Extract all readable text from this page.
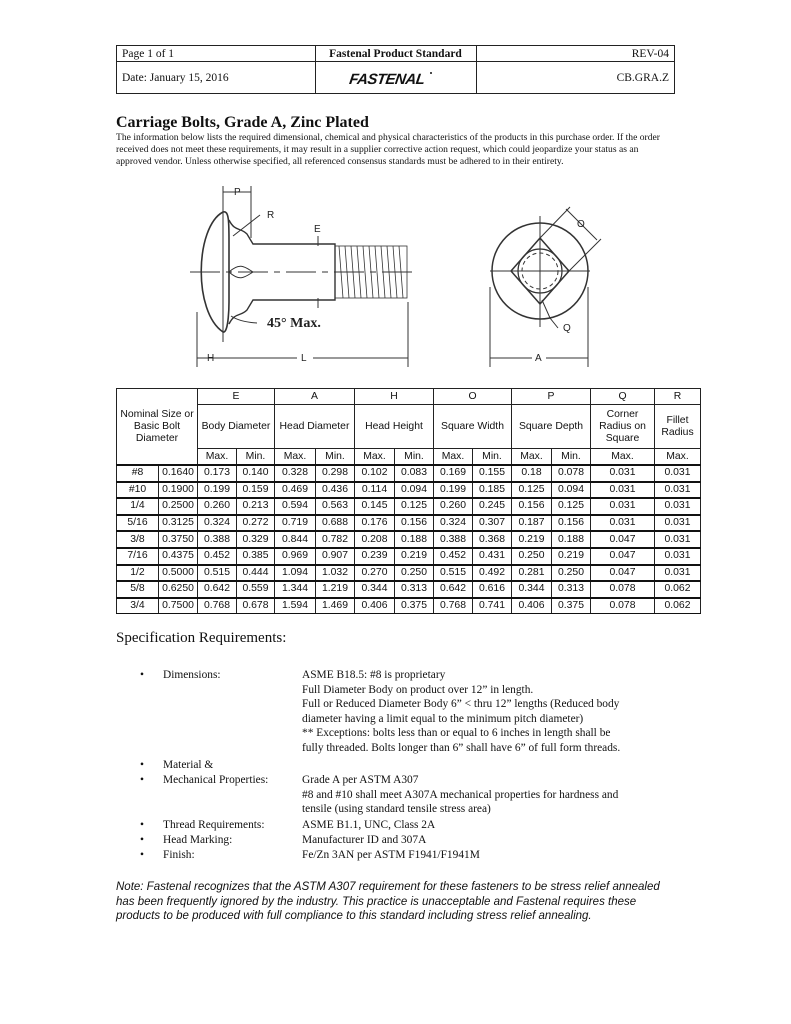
Page 1 of 1	Fastenal Product Standard	REV-04
Date: January 15, 2016	FASTENAL	CB.GRA.Z
Carriage Bolts, Grade A, Zinc Plated
The information below lists the required dimensional, chemical and physical characteristics of the products in this purchase order. If the order received does not meet these requirements, it may result in a supplier corrective action request, which could jeopardize your status as an approved vendor. Unless otherwise specified, all referenced consensus standards must be adhered to in their entirety.
P
R
E
45° Max.
H	L
O
Q
A
Nominal Size or Basic Bolt Diameter		E		A		H		O		P		Q	R
		Body Diameter		Head Diameter		Head Height		Square Width		Square Depth		Corner Radius on Square	Fillet Radius
		Max.	Min.	Max.	Min.	Max.	Min.	Max.	Min.	Max.	Min.	Max.	Max.
#8	0.1640	0.173	0.140	0.328	0.298	0.102	0.083	0.169	0.155	0.18	0.078	0.031	0.031
#10	0.1900	0.199	0.159	0.469	0.436	0.114	0.094	0.199	0.185	0.125	0.094	0.031	0.031
1/4	0.2500	0.260	0.213	0.594	0.563	0.145	0.125	0.260	0.245	0.156	0.125	0.031	0.031
5/16	0.3125	0.324	0.272	0.719	0.688	0.176	0.156	0.324	0.307	0.187	0.156	0.031	0.031
3/8	0.3750	0.388	0.329	0.844	0.782	0.208	0.188	0.388	0.368	0.219	0.188	0.047	0.031
7/16	0.4375	0.452	0.385	0.969	0.907	0.239	0.219	0.452	0.431	0.250	0.219	0.047	0.031
1/2	0.5000	0.515	0.444	1.094	1.032	0.270	0.250	0.515	0.492	0.281	0.250	0.047	0.031
5/8	0.6250	0.642	0.559	1.344	1.219	0.344	0.313	0.642	0.616	0.344	0.313	0.078	0.062
3/4	0.7500	0.768	0.678	1.594	1.469	0.406	0.375	0.768	0.741	0.406	0.375	0.078	0.062
Specification Requirements:
• Dimensions:	ASME B18.5: #8 is proprietary
Full Diameter Body on product over 12” in length.
Full or Reduced Diameter Body 6” < thru 12” lengths (Reduced body
diameter having a limit equal to the minimum pitch diameter)
** Exceptions: bolts less than or equal to 6 inches in length shall be
fully threaded. Bolts longer than 6” shall have 6” of full form threads.
• Material &
• Mechanical Properties:	Grade A per ASTM A307
#8 and #10 shall meet A307A mechanical properties for hardness and
tensile (using standard tensile stress area)
• Thread Requirements:	ASME B1.1, UNC, Class 2A
• Head Marking:	Manufacturer ID and 307A
• Finish:	Fe/Zn 3AN per ASTM F1941/F1941M
Note: Fastenal recognizes that the ASTM A307 requirement for these fasteners to be stress relief annealed has been frequently ignored by the industry. This practice is unacceptable and Fastenal requires these products to be produced with full compliance to this standard including stress relief annealing.
